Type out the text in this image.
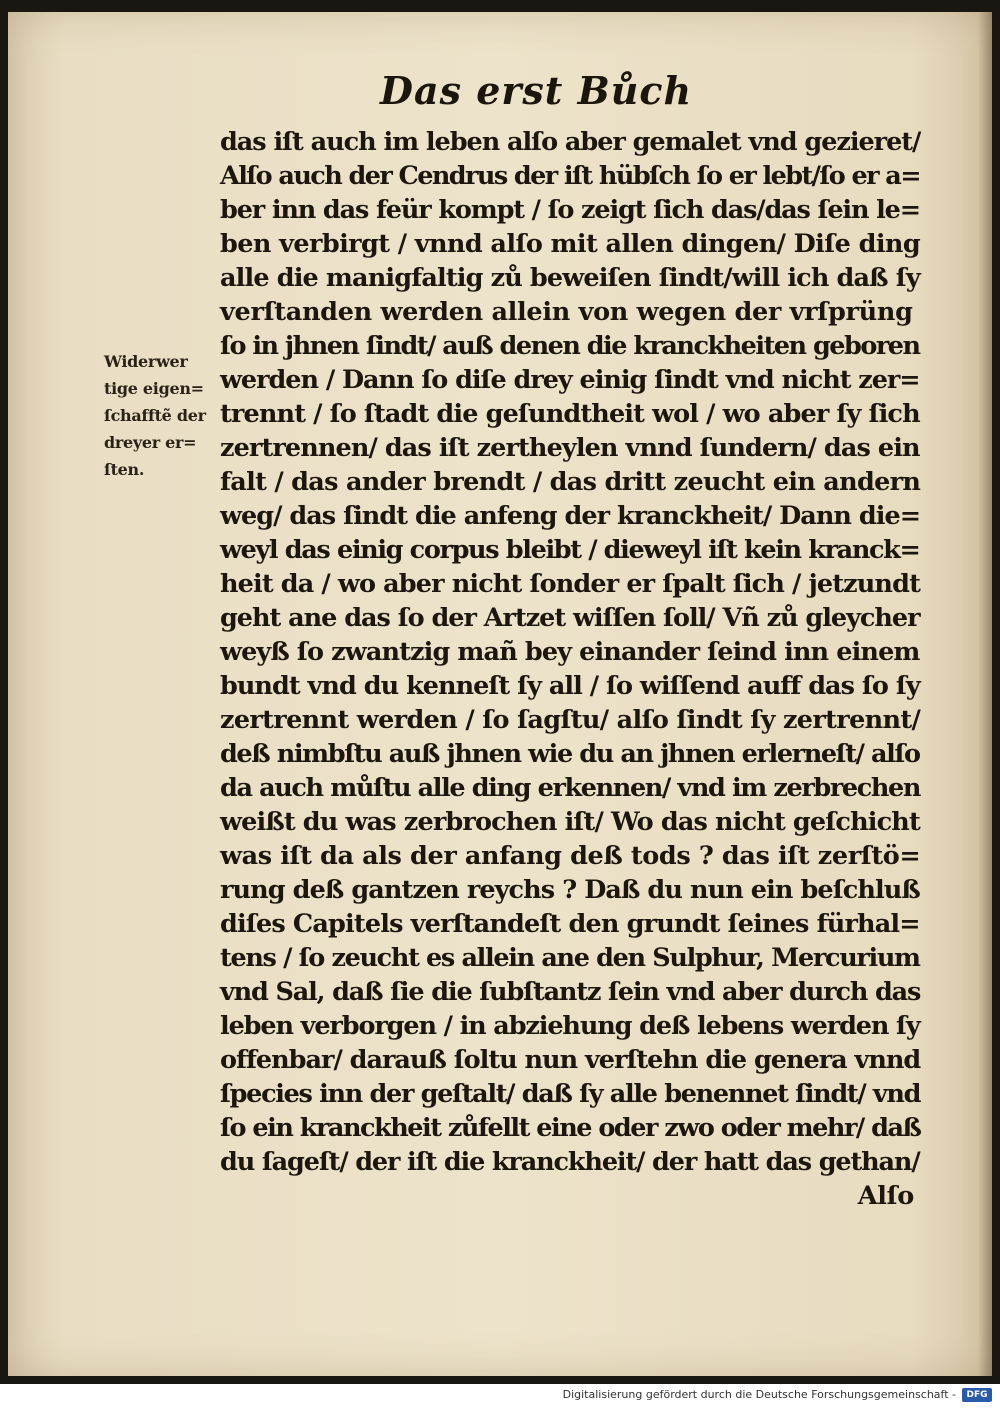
Das erst Bůch
Widerwer
tige eigen=
ſchafftẽ der
dreyer er=
ſten.
das iſt auch im leben alſo aber gemalet vnd gezieret/
Alſo auch der Cendrus der iſt hübſch ſo er lebt/ſo er a=
ber inn das feür kompt / ſo zeigt ſich das/das ſein le=
ben verbirgt / vnnd alſo mit allen dingen/ Diſe ding
alle die manigfaltig zů beweiſen ſindt/will ich daß ſy
verſtanden werden allein von wegen der vrſprüng
ſo in jhnen ſindt/ auß denen die kranckheiten geboren
werden / Dann ſo diſe drey einig ſindt vnd nicht zer=
trennt / ſo ſtadt die geſundtheit wol / wo aber ſy ſich
zertrennen/ das iſt zertheylen vnnd ſundern/ das ein
falt / das ander brendt / das dritt zeucht ein andern
weg/ das ſindt die anfeng der kranckheit/ Dann die=
weyl das einig corpus bleibt / dieweyl iſt kein kranck=
heit da / wo aber nicht ſonder er ſpalt ſich / jetzundt
geht ane das ſo der Artzet wiſſen ſoll/ Vñ zů gleycher
weyß ſo zwantzig mañ bey einander ſeind inn einem
bundt vnd du kenneſt ſy all / ſo wiſſend auff das ſo ſy
zertrennt werden / ſo ſagſtu/ alſo ſindt ſy zertrennt/
deß nimbſtu auß jhnen wie du an jhnen erlerneſt/ alſo
da auch můſtu alle ding erkennen/ vnd im zerbrechen
weißt du was zerbrochen iſt/ Wo das nicht geſchicht
was iſt da als der anfang deß tods ? das iſt zerſtö=
rung deß gantzen reychs ? Daß du nun ein beſchluß
diſes Capitels verſtandeſt den grundt ſeines fürhal=
tens / ſo zeucht es allein ane den Sulphur, Mercurium
vnd Sal, daß ſie die ſubſtantz ſein vnd aber durch das
leben verborgen / in abziehung deß lebens werden ſy
offenbar/ darauß ſoltu nun verſtehn die genera vnnd
ſpecies inn der geſtalt/ daß ſy alle benennet ſindt/ vnd
ſo ein kranckheit zůfellt eine oder zwo oder mehr/ daß
du ſageſt/ der iſt die kranckheit/ der hatt das gethan/
Alſo
Digitalisierung gefördert durch die Deutsche Forschungsgemeinschaft -	DFG
